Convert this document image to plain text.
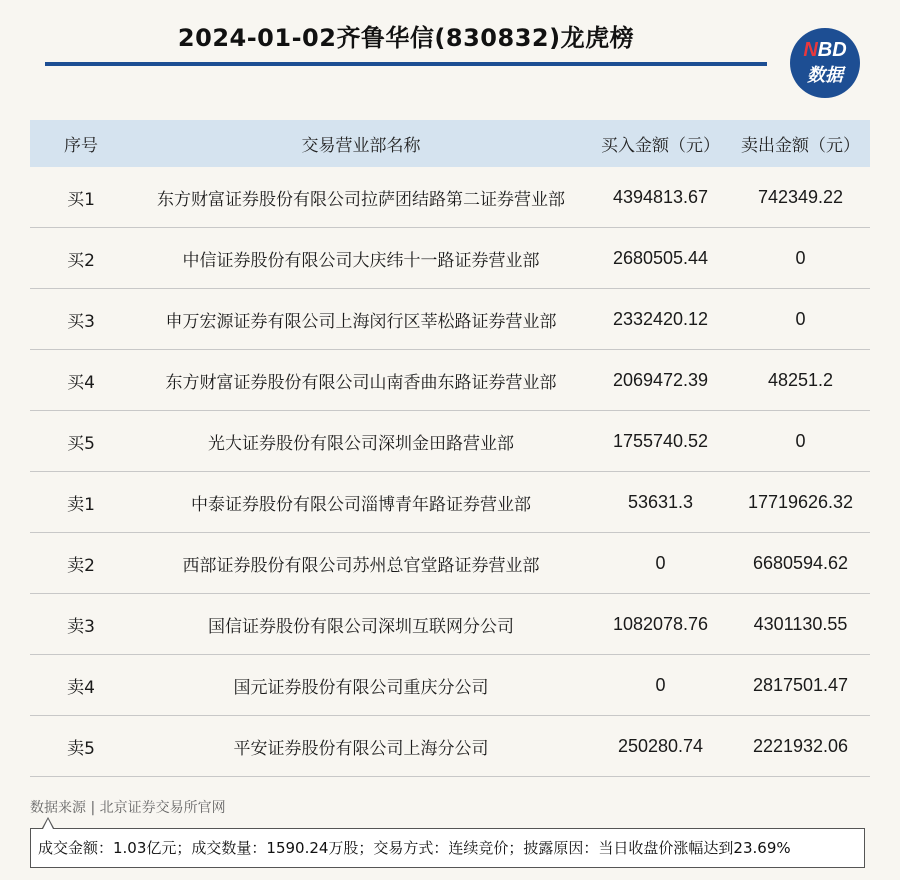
2024-01-02齐鲁华信(830832)龙虎榜	NBD
数据
序号	交易营业部名称	买入金额（元）	卖出金额（元）
买1	东方财富证券股份有限公司拉萨团结路第二证券营业部	4394813.67	742349.22
买2	中信证券股份有限公司大庆纬十一路证券营业部	2680505.44	0
买3	申万宏源证券有限公司上海闵行区莘松路证券营业部	2332420.12	0
买4	东方财富证券股份有限公司山南香曲东路证券营业部	2069472.39	48251.2
买5	光大证券股份有限公司深圳金田路营业部	1755740.52	0
卖1	中泰证券股份有限公司淄博青年路证券营业部	53631.3	17719626.32
卖2	西部证券股份有限公司苏州总官堂路证券营业部	0	6680594.62
卖3	国信证券股份有限公司深圳互联网分公司	1082078.76	4301130.55
卖4	国元证券股份有限公司重庆分公司	0	2817501.47
卖5	平安证券股份有限公司上海分公司	250280.74	2221932.06
数据来源 | 北京证券交易所官网
成交金额：1.03亿元；成交数量：1590.24万股；交易方式：连续竞价；披露原因：当日收盘价涨幅达到23.69%
